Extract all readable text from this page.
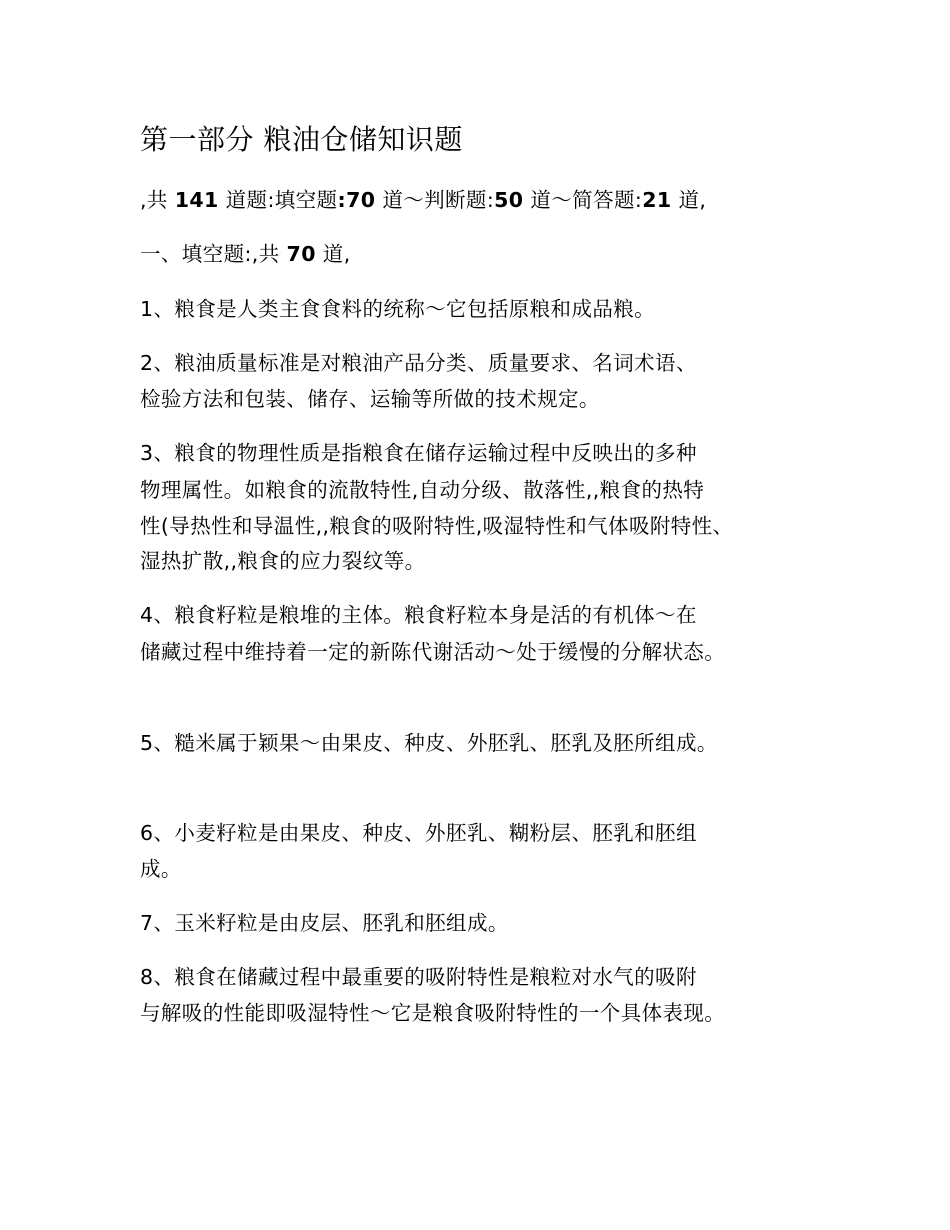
第一部分 粮油仓储知识题
,共 141 道题:填空题:70 道～判断题:50 道～简答题:21 道,
一、填空题:,共 70 道,
1、粮食是人类主食食料的统称～它包括原粮和成品粮。
2、粮油质量标准是对粮油产品分类、质量要求、名词术语、
检验方法和包装、储存、运输等所做的技术规定。
3、粮食的物理性质是指粮食在储存运输过程中反映出的多种
物理属性。如粮食的流散特性,自动分级、散落性,,粮食的热特
性(导热性和导温性,,粮食的吸附特性,吸湿特性和气体吸附特性、
湿热扩散,,粮食的应力裂纹等。
4、粮食籽粒是粮堆的主体。粮食籽粒本身是活的有机体～在
储藏过程中维持着一定的新陈代谢活动～处于缓慢的分解状态。
5、糙米属于颖果～由果皮、种皮、外胚乳、胚乳及胚所组成。
6、小麦籽粒是由果皮、种皮、外胚乳、糊粉层、胚乳和胚组
成。
7、玉米籽粒是由皮层、胚乳和胚组成。
8、粮食在储藏过程中最重要的吸附特性是粮粒对水气的吸附
与解吸的性能即吸湿特性～它是粮食吸附特性的一个具体表现。
